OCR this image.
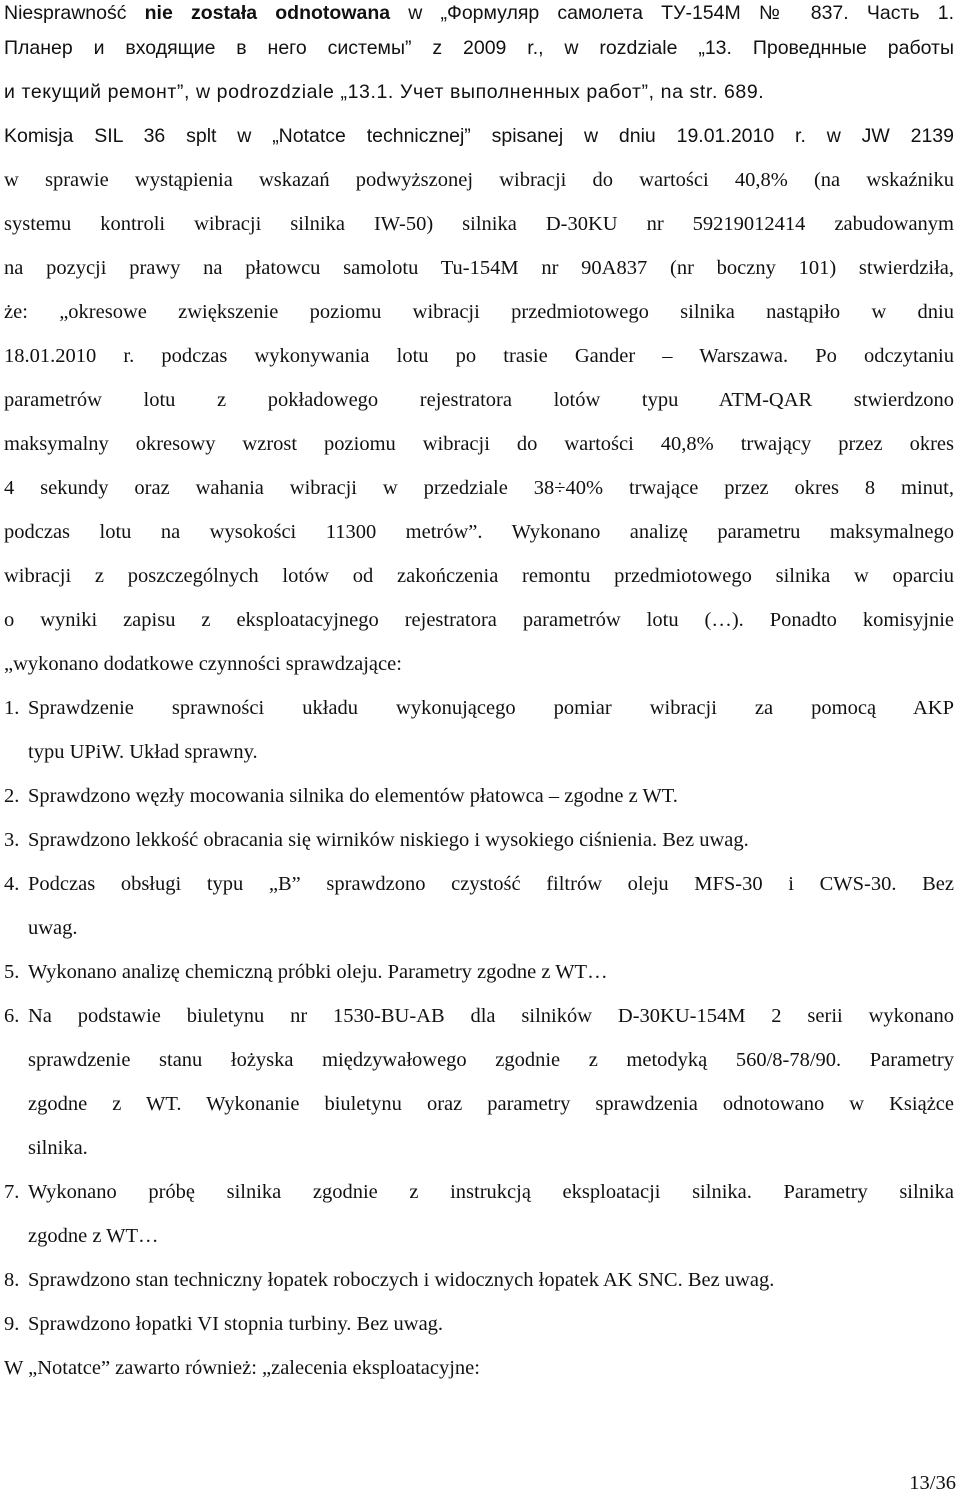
Niesprawność nie została odnotowana w „Формуляр самолета ТУ-154М № 837. Часть 1.
Планер и входящие в него системы” z 2009 r., w rozdziale „13. Проведнные работы
и текущий ремонт”, w podrozdziale „13.1. Учет выполненных работ”, na str. 689.
Komisja SIL 36 splt w „Notatce technicznej” spisanej w dniu 19.01.2010 r. w JW 2139
w sprawie wystąpienia wskazań podwyższonej wibracji do wartości 40,8% (na wskaźniku
systemu kontroli wibracji silnika IW-50) silnika D-30KU nr 59219012414 zabudowanym
na pozycji prawy na płatowcu samolotu Tu-154M nr 90A837 (nr boczny 101) stwierdziła,
że: „okresowe zwiększenie poziomu wibracji przedmiotowego silnika nastąpiło w dniu
18.01.2010 r. podczas wykonywania lotu po trasie Gander – Warszawa. Po odczytaniu
parametrów lotu z pokładowego rejestratora lotów typu ATM-QAR stwierdzono
maksymalny okresowy wzrost poziomu wibracji do wartości 40,8% trwający przez okres
4 sekundy oraz wahania wibracji w przedziale 38÷40% trwające przez okres 8 minut,
podczas lotu na wysokości 11300 metrów”. Wykonano analizę parametru maksymalnego
wibracji z poszczególnych lotów od zakończenia remontu przedmiotowego silnika w oparciu
o wyniki zapisu z eksploatacyjnego rejestratora parametrów lotu (…). Ponadto komisyjnie
„wykonano dodatkowe czynności sprawdzające:
1. Sprawdzenie sprawności układu wykonującego pomiar wibracji za pomocą AKP
typu UPiW. Układ sprawny.
2. Sprawdzono węzły mocowania silnika do elementów płatowca – zgodne z WT.
3. Sprawdzono lekkość obracania się wirników niskiego i wysokiego ciśnienia. Bez uwag.
4. Podczas obsługi typu „B” sprawdzono czystość filtrów oleju MFS-30 i CWS-30. Bez
uwag.
5. Wykonano analizę chemiczną próbki oleju. Parametry zgodne z WT…
6. Na podstawie biuletynu nr 1530-BU-AB dla silników D-30KU-154M 2 serii wykonano
sprawdzenie stanu łożyska międzywałowego zgodnie z metodyką 560/8-78/90. Parametry
zgodne z WT. Wykonanie biuletynu oraz parametry sprawdzenia odnotowano w Książce
silnika.
7. Wykonano próbę silnika zgodnie z instrukcją eksploatacji silnika. Parametry silnika
zgodne z WT…
8. Sprawdzono stan techniczny łopatek roboczych i widocznych łopatek AK SNC. Bez uwag.
9. Sprawdzono łopatki VI stopnia turbiny. Bez uwag.
W „Notatce” zawarto również: „zalecenia eksploatacyjne:
13/36
